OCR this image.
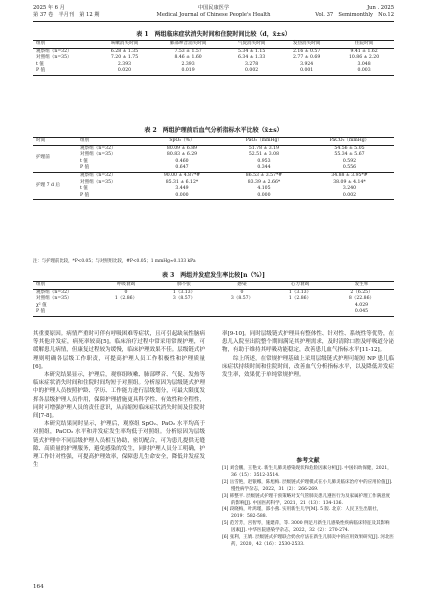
2025 年 6 月
第 37 卷　半月刊　第 12 期
中国民康医学
Medical Journal of Chinese People's Health
Jun . 2025
Vol. 37　Semimonthly　No.12
表 1　两组临床症状消失时间和住院时间比较（d，x̄±s）
组别	咳嗽消失时间	肺部啰音消失时间	气促消失时间	发热消失时间	住院时间
观察组（n=32）	6.28 ± 1.35	7.53 ± 1.57	5.34 ± 1.15	2.16 ± 0.57	9.41 ± 1.62
对照组（n=35）	7.20 ± 1.75	8.46 ± 1.60	6.34 ± 1.33	2.77 ± 0.69	10.86 ± 2.20
t 值	2.393	2.393	3.278	3.924	3.048
P 值	0.020	0.019	0.002	0.001	0.003
表 2　两组护理前后血气分析指标水平比较（x̄±s）
时间	组别	SpO₂（%）	PaO₂（mmHg）	PaCO₂（mmHg）
护理前	观察组（n=32）	80.09 ± 6.89	51.78 ± 3.19	54.56 ± 5.05
	对照组（n=35）	80.83 ± 6.29	52.51 ± 3.08	55.34 ± 5.67
	t 值	0.460	0.953	0.592
	P 值	0.647	0.344	0.556
护理 7 d 后	观察组（n=32）	90.00 ± 4.87*#	86.53 ± 3.57*#	34.88 ± 3.95*#
	对照组（n=35）	85.31 ± 6.12*	83.39 ± 2.66*	38.09 ± 4.14*
	t 值	3.449	4.105	3.240
	P 值	0.000	0.000	0.002
注：与护理前比较，*P<0.05；与对照组比较，#P<0.05；1 mmHg≈0.133 kPa
表 3　两组并发症发生率比较[n（%）]
组别	呼吸衰竭	肺不张	感染	心力衰竭	发生率
观察组（n=32）	0	1（3.13）	0	1（3.13）	2（6.25）
对照组（n=35）	1（2.86）	3（8.57）	3（8.57）	1（2.86）	8（22.86）
χ² 值					4.029
P 值					0.045

其重要原因。病情严重时可伴有呼吸困难等症状，且可引起缺氧性脑病等其他并发症，病死率较高[5]。临床治疗过程中常采用常规护理，可缓解患儿病情，但康复过程较为缓慢，临床护理效果不佳。层级链式护理则明确各层级工作职责，可提高护理人员工作积极性和护理质量[6]。

本研究结果显示，护理后，观察组咳嗽、肺部啰音、气促、发热等临床症状消失时间和住院时间均短于对照组。分析原因为层级链式护理中的护理人员按照护龄、学历、工作能力进行层级划分，可最大限度发挥各层级护理人员作用，保障护理措施更具科学性、有效性和全程性，同时可增强护理人员的责任意识，从而缩短临床症状消失时间及住院时间[7-8]。

本研究结果同时显示，护理后，观察组 SpO₂、PaO₂ 水平均高于对照组，PaCO₂ 水平和并发症发生率均低于对照组。分析原因为层级链式护理中不同层级护理人员相互协助，密切配合，可为患儿提供无缝隙、高质量的护理服务，避免感染的发生，同时护理人员分工明确，护理工作针对性强，可提高护理效率，保障患儿生命安全，降低并发症发生

率[9-10]。同时层级链式护理具有整体性、针对性、系统性等优势，在患儿入院至出院整个期间满足其护理需求，及时清除口腔及呼吸道分泌物，有助于维持其呼吸功能稳定，改善患儿血气指标水平[11-12]。

综上所述，在常规护理基础上采用层级链式护理可缩短 NP 患儿临床症状持续时间和住院时间，改善血气分析指标水平，以及降低并发症发生率，效果优于单纯常规护理。

参考文献
[1] 刘会鹏，王艳文. 新生儿肺炎感染现状和危险因素分析[J]. 中国妇幼保健，2021，36（15）：3512-3514.
[2] 岳雪艳，赵银娜，陈旭梅. 层级链式护理模式在小儿肺炎临床治疗中的应用价值[J]. 慢性病学杂志，2022，31（2）：266-269.
[3] 韩整平. 层级链式护理干预策略对支气管肺炎患儿遵医行为及家属护理工作满意度的影响[J]. 中国医药科学，2021，21（13）：134-136.
[4] 段晓梅，叶鸿瑾，邵小燕. 实用新生儿学[M]. 5 版. 北京：人民卫生出版社，2019：582-588.
[5] 范芳芳，宫智琴，施建萍，等. 3000 例足月新生儿感染性疾病临床特征及其影响因素[J]. 中华医院感染学杂志，2022，32（2）：270-274.
[6] 张利，王婧. 层级链式护理联合奶食疗法在新生儿肺炎中的应用效果研究[J]. 河北医药，2020，42（16）：2530-2533.
164
